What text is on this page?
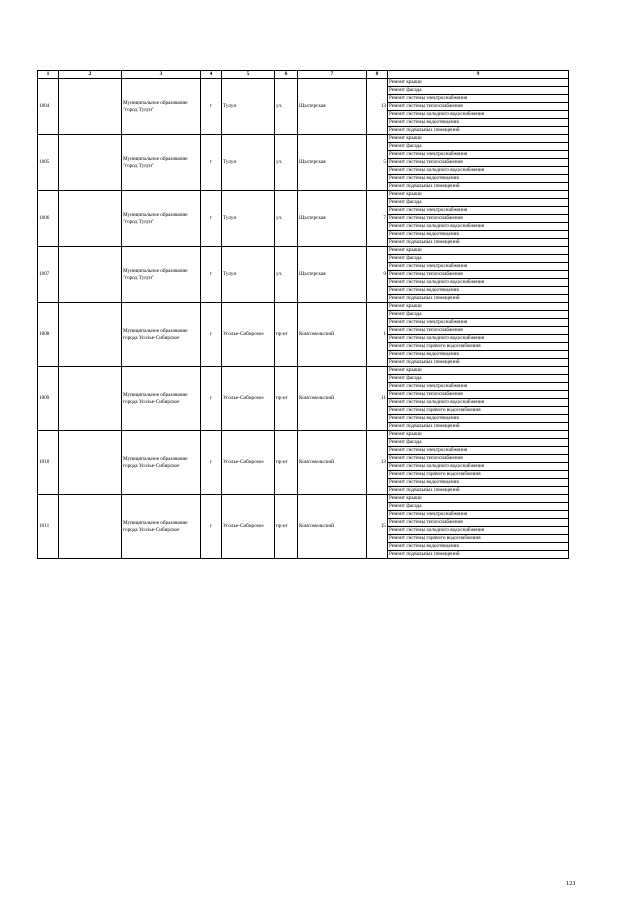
1	2	3	4	5	6	7	8	9
1004		Муниципальное образование "город Тулун"	г	Тулун	ул.	Шахтерская	13	Ремонт крыши
								Ремонт фасада
								Ремонт системы электроснабжения
								Ремонт системы теплоснабжения
								Ремонт системы холодного водоснабжения
								Ремонт системы водоотведения
								Ремонт подвальных помещений
1005		Муниципальное образование "город Тулун"	г	Тулун	ул.	Шахтерская	5	Ремонт крыши
								Ремонт фасада
								Ремонт системы электроснабжения
								Ремонт системы теплоснабжения
								Ремонт системы холодного водоснабжения
								Ремонт системы водоотведения
								Ремонт подвальных помещений
1006		Муниципальное образование "город Тулун"	г	Тулун	ул.	Шахтерская	7	Ремонт крыши
								Ремонт фасада
								Ремонт системы электроснабжения
								Ремонт системы теплоснабжения
								Ремонт системы холодного водоснабжения
								Ремонт системы водоотведения
								Ремонт подвальных помещений
1007		Муниципальное образование "город Тулун"	г	Тулун	ул.	Шахтерская	9	Ремонт крыши
								Ремонт фасада
								Ремонт системы электроснабжения
								Ремонт системы теплоснабжения
								Ремонт системы холодного водоснабжения
								Ремонт системы водоотведения
								Ремонт подвальных помещений
1008		Муниципальное образование города Усолье-Сибирское	г	Усолье-Сибирское	пр-кт	Комсомольский	1	Ремонт крыши
								Ремонт фасада
								Ремонт системы электроснабжения
								Ремонт системы теплоснабжения
								Ремонт системы холодного водоснабжения
								Ремонт системы горячего водоснабжения
								Ремонт системы водоотведения
								Ремонт подвальных помещений
1009		Муниципальное образование города Усолье-Сибирское	г	Усолье-Сибирское	пр-кт	Комсомольский	11	Ремонт крыши
								Ремонт фасада
								Ремонт системы электроснабжения
								Ремонт системы теплоснабжения
								Ремонт системы холодного водоснабжения
								Ремонт системы горячего водоснабжения
								Ремонт системы водоотведения
								Ремонт подвальных помещений
1010		Муниципальное образование города Усолье-Сибирское	г	Усолье-Сибирское	пр-кт	Комсомольский	13	Ремонт крыши
								Ремонт фасада
								Ремонт системы электроснабжения
								Ремонт системы теплоснабжения
								Ремонт системы холодного водоснабжения
								Ремонт системы горячего водоснабжения
								Ремонт системы водоотведения
								Ремонт подвальных помещений
1011		Муниципальное образование города Усолье-Сибирское	г	Усолье-Сибирское	пр-кт	Комсомольский	15	Ремонт крыши
								Ремонт фасада
								Ремонт системы электроснабжения
								Ремонт системы теплоснабжения
								Ремонт системы холодного водоснабжения
								Ремонт системы горячего водоснабжения
								Ремонт системы водоотведения
								Ремонт подвальных помещений
121
